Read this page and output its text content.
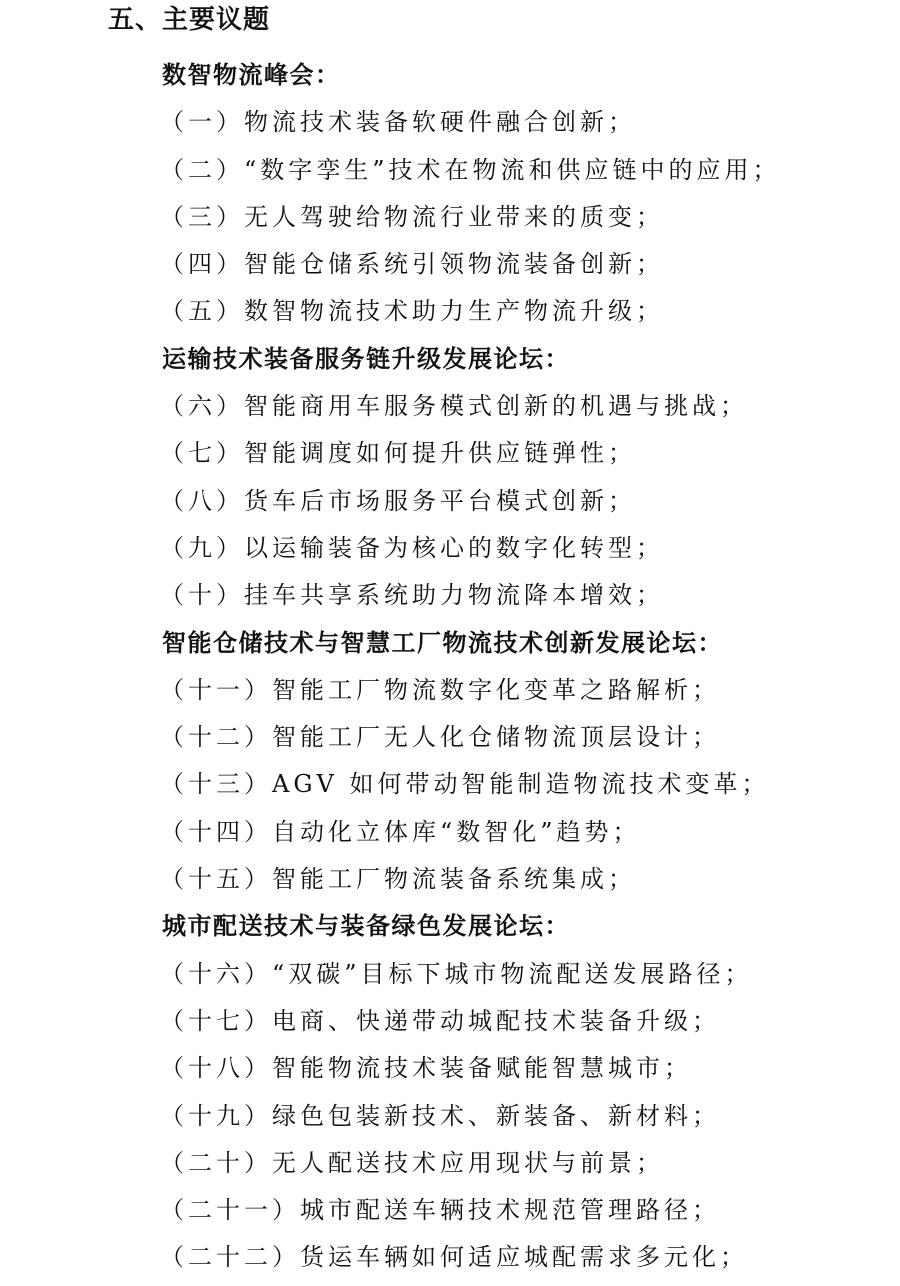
五、主要议题
数智物流峰会：
（一）物流技术装备软硬件融合创新；
（二）“数字孪生”技术在物流和供应链中的应用；
（三）无人驾驶给物流行业带来的质变；
（四）智能仓储系统引领物流装备创新；
（五）数智物流技术助力生产物流升级；
运输技术装备服务链升级发展论坛：
（六）智能商用车服务模式创新的机遇与挑战；
（七）智能调度如何提升供应链弹性；
（八）货车后市场服务平台模式创新；
（九）以运输装备为核心的数字化转型；
（十）挂车共享系统助力物流降本增效；
智能仓储技术与智慧工厂物流技术创新发展论坛：
（十一）智能工厂物流数字化变革之路解析；
（十二）智能工厂无人化仓储物流顶层设计；
（十三）AGV 如何带动智能制造物流技术变革；
（十四）自动化立体库“数智化”趋势；
（十五）智能工厂物流装备系统集成；
城市配送技术与装备绿色发展论坛：
（十六）“双碳”目标下城市物流配送发展路径；
（十七）电商、快递带动城配技术装备升级；
（十八）智能物流技术装备赋能智慧城市；
（十九）绿色包装新技术、新装备、新材料；
（二十）无人配送技术应用现状与前景；
（二十一）城市配送车辆技术规范管理路径；
（二十二）货运车辆如何适应城配需求多元化；
